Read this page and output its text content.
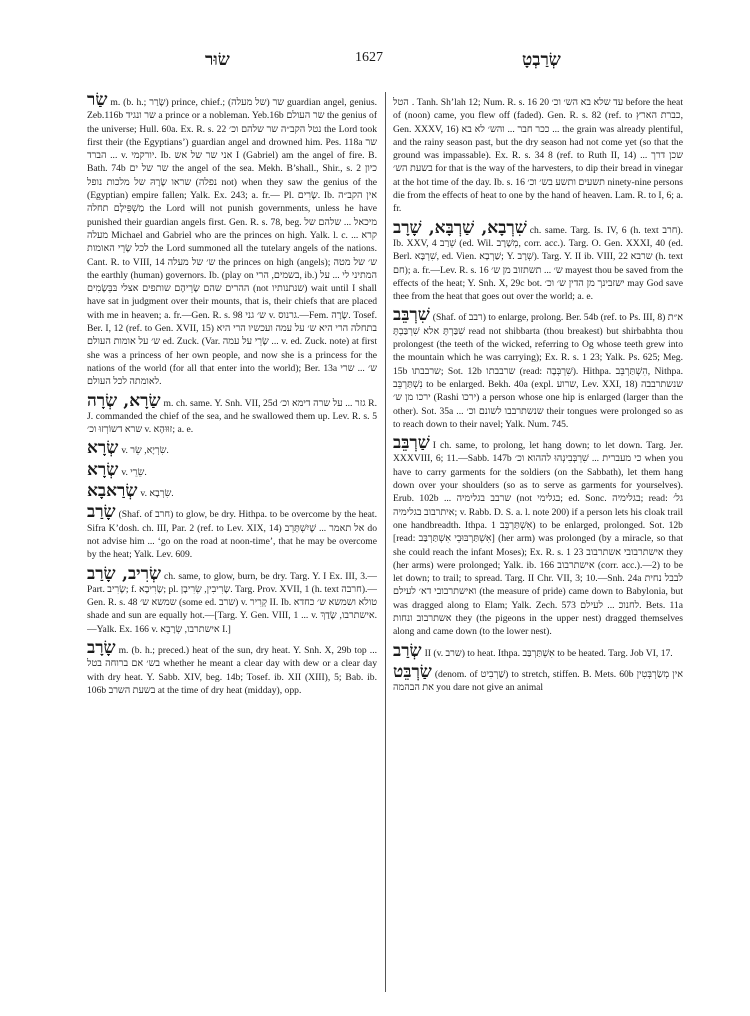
שׂוּר	1627	שְׂרַבְטָ

שַׂר m. (b. h.; שָׂרַר) prince, chief.; (של מעלה) שר guardian angel, genius. Zeb.116b שר ונגיד a prince or a nobleman. Yeb.16b שר העולם the genius of the universe; Hull. 60a. Ex. R. s. 22 נטל הקב״ה שר שלהם וכ׳ the Lord took first their (the Egyptians’) guardian angel and drowned him. Pes. 118a שר הברד ... v. יורקמי. Ib. אני שר של אש I (Gabriel) am the angel of fire. B. Bath. 74b שר של ים the angel of the sea. Mekh. B’shall., Shir., s. 2 כיון שראו שָׂרָהּ של מלכות נופל (נפלה not) when they saw the genius of the (Egyptian) empire fallen; Yalk. Ex. 243; a. fr.— Pl. שָׂרִים. Ib. אין הקב״ה מַשְׁפִּילָם תחלה the Lord will not punish governments, unless he have punished their guardian angels first. Gen. R. s. 78, beg. מיכאל ... שלהם של מעלה Michael and Gabriel who are the princes on high. Yalk. l. c. קרא ... לכל שָׂרֵי האומות the Lord summoned all the tutelary angels of the nations. Cant. R. to VIII, 14 ש׳ של מעלה the princes on high (angels); ש׳ של מטה the earthly (human) governors. Ib. (play on בשמים, הרי, ib.) המתיני לי ... על ההרים שהם שָׂרֵיהֶם שותפים אצלי בּבְּשָׂמִים (not שנתנותיו) wait until I shall have sat in judgment over their mounts, that is, their chiefs that are placed with me in heaven; a. fr.—Gen. R. s. 98 ש׳ גני v. גרנוס.—Fem. שָׂרָה. Tosef. Ber. I, 12 (ref. to Gen. XVII, 15) בתחלה הרי היא ש׳ על עמה ועכשיו הרי היא ש׳ על אומות העולם ed. Zuck. (Var. שָׂרֵי על עמה ... v. ed. Zuck. note) at first she was a princess of her own people, and now she is a princess for the nations of the world (for all that enter into the world); Ber. 13a ש׳ ... שרי לאומתה לכל העולם.

שַׂרָא, שְׂרָה m. ch. same. Y. Snh. VII, 25d גזר ... על שרה דימא וכ׳ R. J. commanded the chief of the sea, and he swallowed them up. Lev. R. s. 5 שרא דשוֹרְזוּ וכ׳ v. זוּוּהָא; a. e.

שְׂרָא v. שִׂרְיָא, שֵׂר.

שְׂרָא v. שֵׂרֵי.

שְׂרַאבָא v. שִׂרְבָא.

שָׂרַב (Shaf. of חרב) to glow, be dry. Hithpa. to be overcome by the heat. Sifra K’dosh. ch. III, Par. 2 (ref. to Lev. XIX, 14) אל תאמר ... שֶׁיִשְׁתָּרֵב do not advise him ... ‘go on the road at noon-time’, that he may be overcome by the heat; Yalk. Lev. 609.

שְׂרִיב, שָׂרַב ch. same, to glow, burn, be dry. Targ. Y. I Ex. III, 3.—Part. שָׂרִיב; f. שָׂרִיבָא; pl. שָׂרִיבִין, שְׂרִיבָן. Targ. Prov. XVII, 1 (h. text חרבה).—Gen. R. s. 48 שמשא ש׳ (some ed. שרב) v. קְרִיר II. Ib. טולא ושמשא ש׳ כחדא shade and sun are equally hot.—[Targ. Y. Gen. VIII, 1 ... v. אישתרבו, שָׂדַךְ.—Yalk. Ex. 166 v. אישתרבו, שְׂרָבֵא I.]

שָׂרָב m. (b. h.; preced.) heat of the sun, dry heat. Y. Snh. X, 29b top ... בש׳ אם ברוחה בטל whether he meant a clear day with dew or a clear day with dry heat. Y. Sabb. XIV, beg. 14b; Tosef. ib. XII (XIII), 5; Bab. ib. 106b בשעת השרב at the time of dry heat (midday), opp.

הטל. Tanh. Sh’lah 12; Num. R. s. 16 20 עד שלא בא הש׳ וכ׳ before the heat of (noon) came, you flew off (faded). Gen. R. s. 82 (ref. to כברת הארץ, Gen. XXXV, 16) ככר חבר ... והש׳ לא בא ... the grain was already plentiful, and the rainy season past, but the dry season had not come yet (so that the ground was impassable). Ex. R. s. 34 8 (ref. to Ruth II, 14) שכן דרך ... בשעת הש׳ for that is the way of the harvesters, to dip their bread in vinegar at the hot time of the day. Ib. s. 16 תשעים ותשע בש׳ וכ׳ ninety-nine persons die from the effects of heat to one by the hand of heaven. Lam. R. to I, 6; a. fr.

שִׁרְבָא, שַׁרְבָּא, שָׁרָב ch. same. Targ. Is. IV, 6 (h. text חרב). Ib. XXV, 4 שְׁרַב (ed. Wil. מְשָׁרָב, corr. acc.). Targ. O. Gen. XXXI, 40 (ed. Berl. שִׁרְבָּא, ed. Vien. שַׁרְבָא; Y. שְׁרָב). Targ. Y. II ib. VIII, 22 שרבא (h. text חם); a. fr.—Lev. R. s. 16 ש׳ ... תשתזוב מן ש׳ mayest thou be saved from the effects of the heat; Y. Snh. X, 29c bot. ישזבינך מן הדין ש׳ וכ׳ may God save thee from the heat that goes out over the world; a. e.

שִׁרְבֵּב (Shaf. of רבב) to enlarge, prolong. Ber. 54b (ref. to Ps. III, 8) א״ת שִׁבַּרְתָּ אלא שִׁרְבַּבְתָּ read not shibbarta (thou breakest) but shirbabhta thou prolongest (the teeth of the wicked, referring to Og whose teeth grew into the mountain which he was carrying); Ex. R. s. 1 23; Yalk. Ps. 625; Meg. 15b שרבבתו; Sot. 12b שרבבתו (read: שִׁרְבְּבָה). Hithpa. הִשְׁתַּרְבֵּב, Nithpa. נִשְׁתַּרְבֵּב to be enlarged. Bekh. 40a (expl. שרוע, Lev. XXI, 18) שנשתרבבה ירכו מן ש׳ (Rashi ירכו) a person whose one hip is enlarged (larger than the other). Sot. 35a ... שנשתרבבו לשונם וכ׳ their tongues were prolonged so as to reach down to their navel; Yalk. Num. 745.

שַׁרְבֵּב I ch. same, to prolong, let hang down; to let down. Targ. Jer. XXXVIII, 6; 11.—Sabb. 147b כי מעברית ... שִׁרְבְּבִינְהוּ לההוא וכ׳ when you have to carry garments for the soldiers (on the Sabbath), let them hang down over your shoulders (so as to serve as garments for yourselves). Erub. 102b ... שרבב בגלימיה (not בגלימי; ed. Sonc. בגלימיה; read: גל׳ איתרבוב בגלימיה; v. Rabb. D. S. a. l. note 200) if a person lets his cloak trail one handbreadth. Ithpa. אִשְׁתַּרְבֵּב 1) to be enlarged, prolonged. Sot. 12b [read: אִשְׁתַּרְבּוּבֵי אִשְׁתַּרְבַּב] (her arm) was prolonged (by a miracle, so that she could reach the infant Moses); Ex. R. s. 1 23 אישתרבובי אשתרבוב they (her arms) were prolonged; Yalk. ib. 166 אישתרבוב (corr. acc.).—2) to be let down; to trail; to spread. Targ. II Chr. VII, 3; 10.—Snh. 24a לבבל נחית ואישתרבובי דא׳ לעילם (the measure of pride) came down to Babylonia, but was dragged along to Elam; Yalk. Zech. 573 לחנוכ ... לעילם. Bets. 11a אשתרבוב ונחות they (the pigeons in the upper nest) dragged themselves along and came down (to the lower nest).

שְׂרַב II (v. שרב) to heat. Ithpa. אִשְׁתַּרְבַּב to be heated. Targ. Job VI, 17.

שַׂרְבֵּט (denom. of שַׁרְבִיט) to stretch, stiffen. B. Mets. 60b אין מְשַׂרְבְּטִין את הבהמה you dare not give an animal
